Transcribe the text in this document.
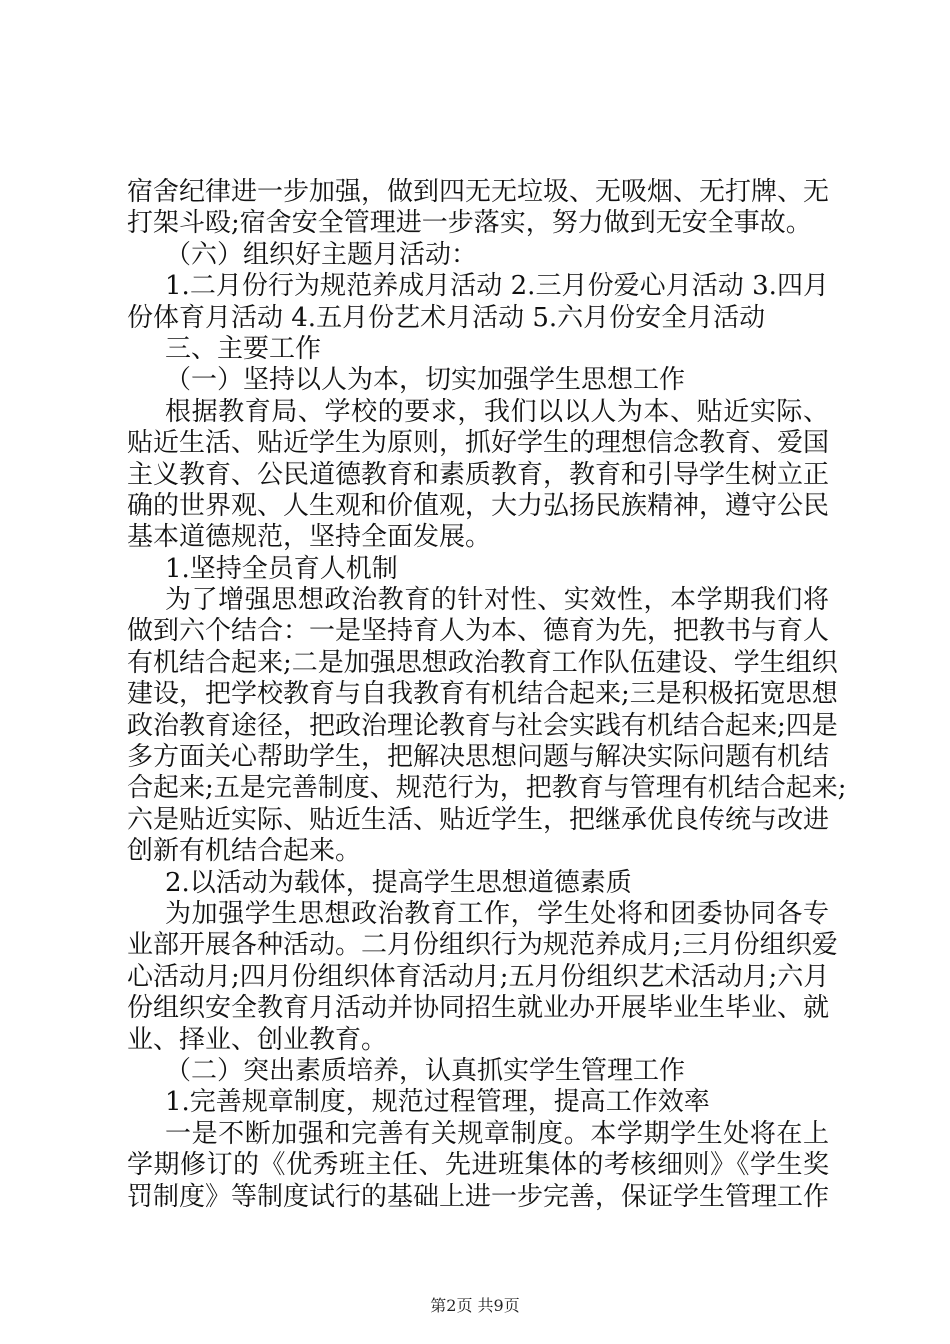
宿舍纪律进一步加强，做到四无无垃圾、无吸烟、无打牌、无
打架斗殴;宿舍安全管理进一步落实，努力做到无安全事故。
（六）组织好主题月活动：
1.二月份行为规范养成月活动 2.三月份爱心月活动 3.四月
份体育月活动 4.五月份艺术月活动 5.六月份安全月活动
三、主要工作
（一）坚持以人为本，切实加强学生思想工作
根据教育局、学校的要求，我们以以人为本、贴近实际、
贴近生活、贴近学生为原则，抓好学生的理想信念教育、爱国
主义教育、公民道德教育和素质教育，教育和引导学生树立正
确的世界观、人生观和价值观，大力弘扬民族精神，遵守公民
基本道德规范，坚持全面发展。
1.坚持全员育人机制
为了增强思想政治教育的针对性、实效性，本学期我们将
做到六个结合：一是坚持育人为本、德育为先，把教书与育人
有机结合起来;二是加强思想政治教育工作队伍建设、学生组织
建设，把学校教育与自我教育有机结合起来;三是积极拓宽思想
政治教育途径，把政治理论教育与社会实践有机结合起来;四是
多方面关心帮助学生，把解决思想问题与解决实际问题有机结
合起来;五是完善制度、规范行为，把教育与管理有机结合起来;
六是贴近实际、贴近生活、贴近学生，把继承优良传统与改进
创新有机结合起来。
2.以活动为载体，提高学生思想道德素质
为加强学生思想政治教育工作，学生处将和团委协同各专
业部开展各种活动。二月份组织行为规范养成月;三月份组织爱
心活动月;四月份组织体育活动月;五月份组织艺术活动月;六月
份组织安全教育月活动并协同招生就业办开展毕业生毕业、就
业、择业、创业教育。
（二）突出素质培养，认真抓实学生管理工作
1.完善规章制度，规范过程管理，提高工作效率
一是不断加强和完善有关规章制度。本学期学生处将在上
学期修订的《优秀班主任、先进班集体的考核细则》《学生奖
罚制度》等制度试行的基础上进一步完善，保证学生管理工作
第2页 共9页
